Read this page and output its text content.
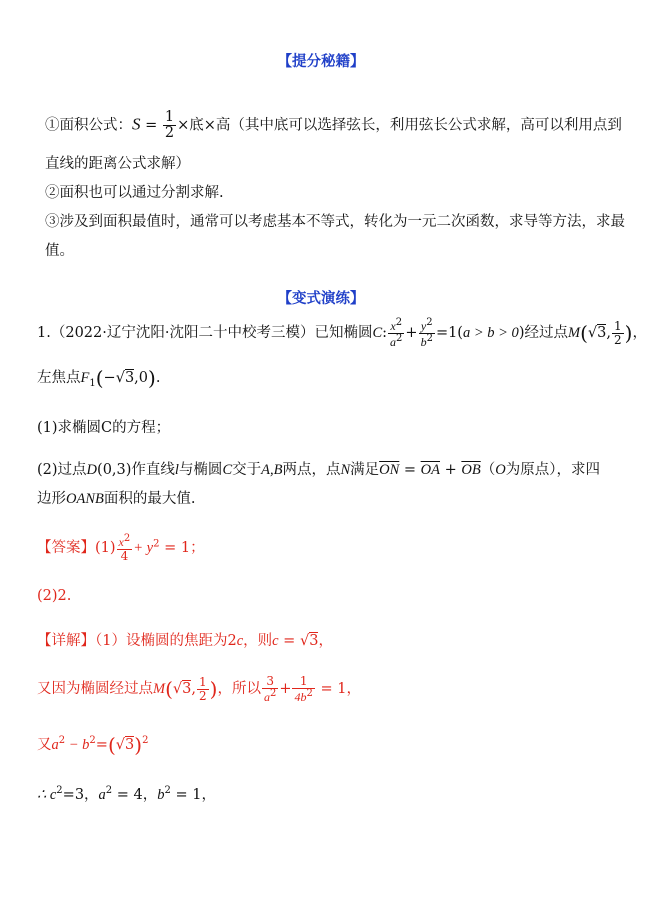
【提分秘籍】
①面积公式：$S = \frac{1}{2}$ ×底×高（其中底可以选择弦长，利用弦长公式求解，高可以利用点到
直线的距离公式求解）
②面积也可以通过分割求解.
③涉及到面积最值时，通常可以考虑基本不等式，转化为一元二次函数，求导等方法，求最
值。
【变式演练】
1.（2022·辽宁沈阳·沈阳二十中校考三模）已知椭圆C: $\frac{x^2}{a^2} + \frac{y^2}{b^2} =1(a > b > 0)$经过点M(√3, $\frac{1}{2}$ )，
左焦点$F_1(-√3,0)$.
(1)求椭圆C的方程；
(2)过点D(0,3)作直线l与椭圆C交于A,B两点，点N满足$\overline{ON} = \overline{OA} + \overline{OB}(O$为原点），求四
边形OANB面积的最大值.
【答案】$(1) \frac{x^2}{4} + y^2 = 1$；
(2)2.
【详解】（1）设椭圆的焦距为2c，则c = √3，
又因为椭圆经过点M(√3, $\frac{1}{2}$ )，所以 $\frac{3}{a^2} + \frac{1}{4b^2} = 1$，
又$a^2 - b^2=(√3)^2$
∴ $c^2=3$，$a^2 = 4$，$b^2 = 1$，
